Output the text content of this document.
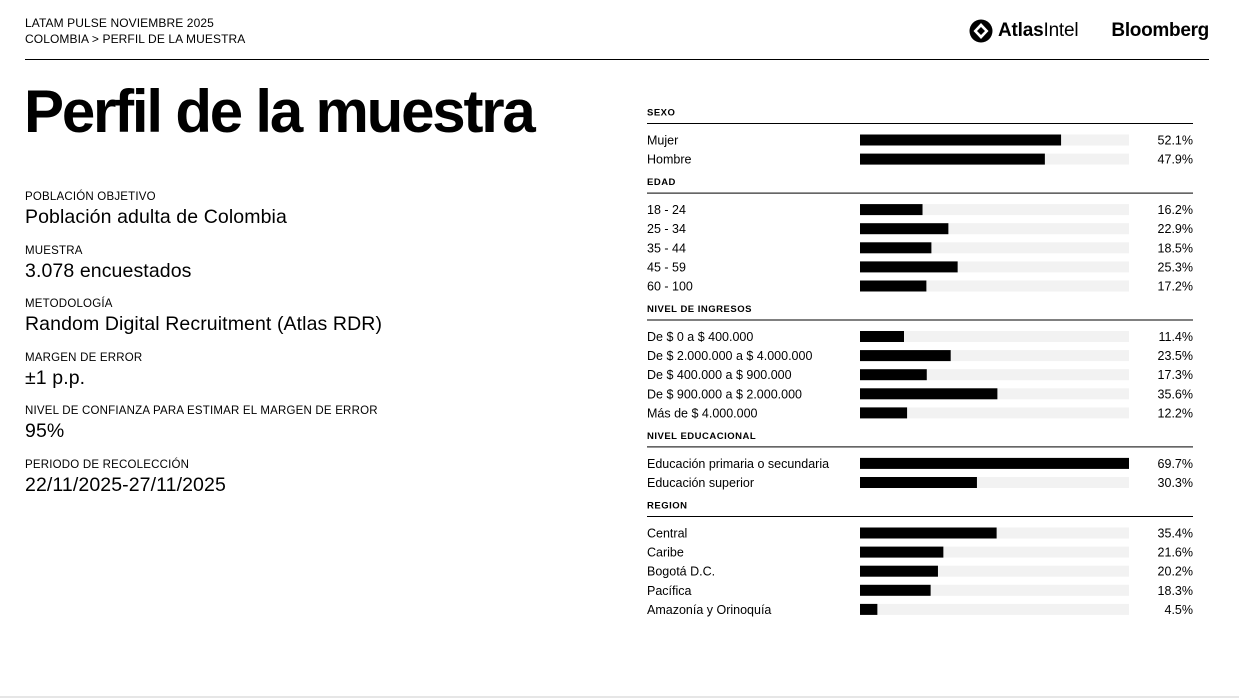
LATAM PULSE NOVIEMBRE 2025
COLOMBIA > PERFIL DE LA MUESTRA	AtlasIntel Bloomberg
Perfil de la muestra
POBLACIÓN OBJETIVO
Población adulta de Colombia
MUESTRA
3.078 encuestados
METODOLOGÍA
Random Digital Recruitment (Atlas RDR)
MARGEN DE ERROR
±1 p.p.
NIVEL DE CONFIANZA PARA ESTIMAR EL MARGEN DE ERROR
95%
PERIODO DE RECOLECCIÓN
22/11/2025-27/11/2025
SEXO
Mujer	52.1%
Hombre	47.9%
EDAD
18 - 24	16.2%
25 - 34	22.9%
35 - 44	18.5%
45 - 59	25.3%
60 - 100	17.2%
NIVEL DE INGRESOS
De $ 0 a $ 400.000	11.4%
De $ 2.000.000 a $ 4.000.000	23.5%
De $ 400.000 a $ 900.000	17.3%
De $ 900.000 a $ 2.000.000	35.6%
Más de $ 4.000.000	12.2%
NIVEL EDUCACIONAL
Educación primaria o secundaria	69.7%
Educación superior	30.3%
REGION
Central	35.4%
Caribe	21.6%
Bogotá D.C.	20.2%
Pacífica	18.3%
Amazonía y Orinoquía	4.5%
